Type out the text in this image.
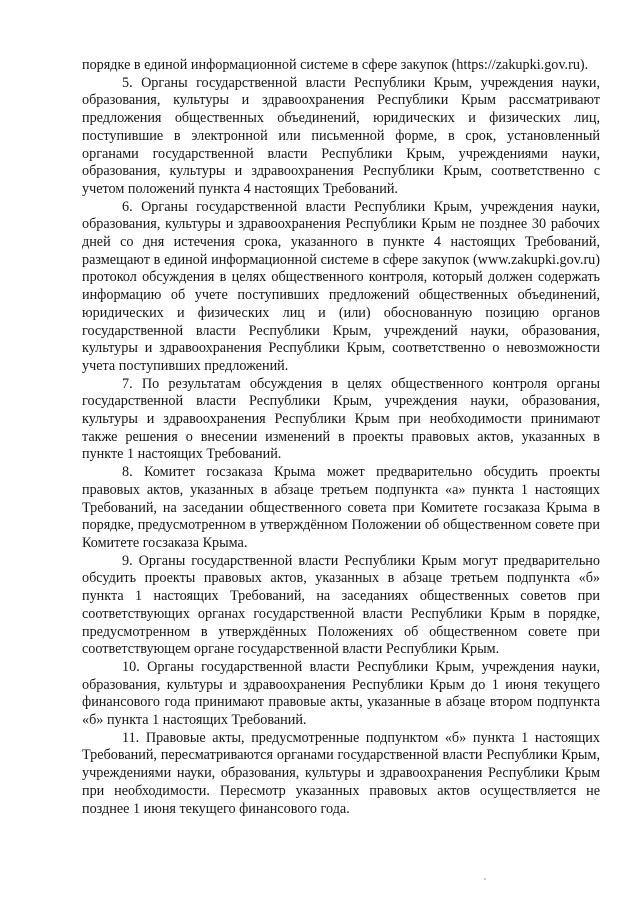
порядке в единой информационной системе в сфере закупок (https://zakupki.gov.ru).

5. Органы государственной власти Республики Крым, учреждения науки, образования, культуры и здравоохранения Республики Крым рассматривают предложения общественных объединений, юридических и физических лиц, поступившие в электронной или письменной форме, в срок, установленный органами государственной власти Республики Крым, учреждениями науки, образования, культуры и здравоохранения Республики Крым, соответственно с учетом положений пункта 4 настоящих Требований.

6. Органы государственной власти Республики Крым, учреждения науки, образования, культуры и здравоохранения Республики Крым не позднее 30 рабочих дней со дня истечения срока, указанного в пункте 4 настоящих Требований, размещают в единой информационной системе в сфере закупок (www.zakupki.gov.ru) протокол обсуждения в целях общественного контроля, который должен содержать информацию об учете поступивших предложений общественных объединений, юридических и физических лиц и (или) обоснованную позицию органов государственной власти Республики Крым, учреждений науки, образования, культуры и здравоохранения Республики Крым, соответственно о невозможности учета поступивших предложений.

7. По результатам обсуждения в целях общественного контроля органы государственной власти Республики Крым, учреждения науки, образования, культуры и здравоохранения Республики Крым при необходимости принимают также решения о внесении изменений в проекты правовых актов, указанных в пункте 1 настоящих Требований.

8. Комитет госзаказа Крыма может предварительно обсудить проекты правовых актов, указанных в абзаце третьем подпункта «а» пункта 1 настоящих Требований, на заседании общественного совета при Комитете госзаказа Крыма в порядке, предусмотренном в утверждённом Положении об общественном совете при Комитете госзаказа Крыма.

9. Органы государственной власти Республики Крым могут предварительно обсудить проекты правовых актов, указанных в абзаце третьем подпункта «б» пункта 1 настоящих Требований, на заседаниях общественных советов при соответствующих органах государственной власти Республики Крым в порядке, предусмотренном в утверждённых Положениях об общественном совете при соответствующем органе государственной власти Республики Крым.

10. Органы государственной власти Республики Крым, учреждения науки, образования, культуры и здравоохранения Республики Крым до 1 июня текущего финансового года принимают правовые акты, указанные в абзаце втором подпункта «б» пункта 1 настоящих Требований.

11. Правовые акты, предусмотренные подпунктом «б» пункта 1 настоящих Требований, пересматриваются органами государственной власти Республики Крым, учреждениями науки, образования, культуры и здравоохранения Республики Крым при необходимости. Пересмотр указанных правовых актов осуществляется не позднее 1 июня текущего финансового года.
